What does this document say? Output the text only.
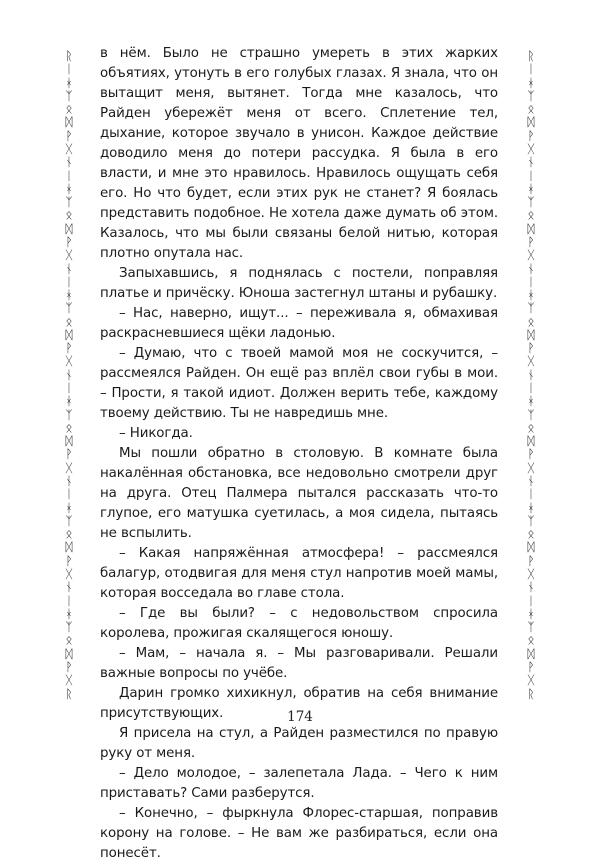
ᚱ
ᛁ
ᚼ
ᛉ
ᛟ
ᛞ
ᚹ
ᚷ
ᚾ
ᛁ
ᚼ
ᛉ
ᛟ
ᛞ
ᚹ
ᚷ
ᚾ
ᛁ
ᚼ
ᛉ
ᛟ
ᛞ
ᚹ
ᚷ
ᚾ
ᛁ
ᚼ
ᛉ
ᛟ
ᛞ
ᚹ
ᚷ
ᚾ
ᛁ
ᚼ
ᛉ
ᛟ
ᛞ
ᚹ
ᚷ
ᚾ
ᛁ
ᚼ
ᛉ
ᛟ
ᛞ
ᚹ
ᚷ
ᚱ
ᚱ
ᛁ
ᚼ
ᛉ
ᛟ
ᛞ
ᚹ
ᚷ
ᚾ
ᛁ
ᚼ
ᛉ
ᛟ
ᛞ
ᚹ
ᚷ
ᚾ
ᛁ
ᚼ
ᛉ
ᛟ
ᛞ
ᚹ
ᚷ
ᚾ
ᛁ
ᚼ
ᛉ
ᛟ
ᛞ
ᚹ
ᚷ
ᚾ
ᛁ
ᚼ
ᛉ
ᛟ
ᛞ
ᚹ
ᚷ
ᚾ
ᛁ
ᚼ
ᛉ
ᛟ
ᛞ
ᚹ
ᚷ
ᚱ

в нём. Было не страшно умереть в этих жарких объятиях, утонуть в его голубых глазах. Я знала, что он вытащит меня, вытянет. Тогда мне казалось, что Райден убережёт меня от всего. Сплетение тел, дыхание, которое звучало в унисон. Каждое действие доводило меня до потери рассудка. Я была в его власти, и мне это нравилось. Нравилось ощущать себя его. Но что будет, если этих рук не станет? Я боялась представить подобное. Не хотела даже думать об этом. Казалось, что мы были связаны белой нитью, которая плотно опутала нас.

Запыхавшись, я поднялась с постели, поправляя платье и причёску. Юноша застегнул штаны и рубашку.

– Нас, наверно, ищут... – переживала я, обмахивая раскрасневшиеся щёки ладонью.

– Думаю, что с твоей мамой моя не соскучится, – рассмеялся Райден. Он ещё раз вплёл свои губы в мои. – Прости, я такой идиот. Должен верить тебе, каждому твоему действию. Ты не навредишь мне.

– Никогда.

Мы пошли обратно в столовую. В комнате была накалённая обстановка, все недовольно смотрели друг на друга. Отец Палмера пытался рассказать что-то глупое, его матушка суетилась, а моя сидела, пытаясь не вспылить.

– Какая напряжённая атмосфера! – рассмеялся балагур, отодвигая для меня стул напротив моей мамы, которая восседала во главе стола.

– Где вы были? – с недовольством спросила королева, прожигая скалящегося юношу.

– Мам, – начала я. – Мы разговаривали. Решали важные вопросы по учёбе.

Дарин громко хихикнул, обратив на себя внимание присутствующих.

Я присела на стул, а Райден разместился по правую руку от меня.

– Дело молодое, – залепетала Лада. – Чего к ним приставать? Сами разберутся.

– Конечно, – фыркнула Флорес-старшая, поправив корону на голове. – Не вам же разбираться, если она понесёт.

174
